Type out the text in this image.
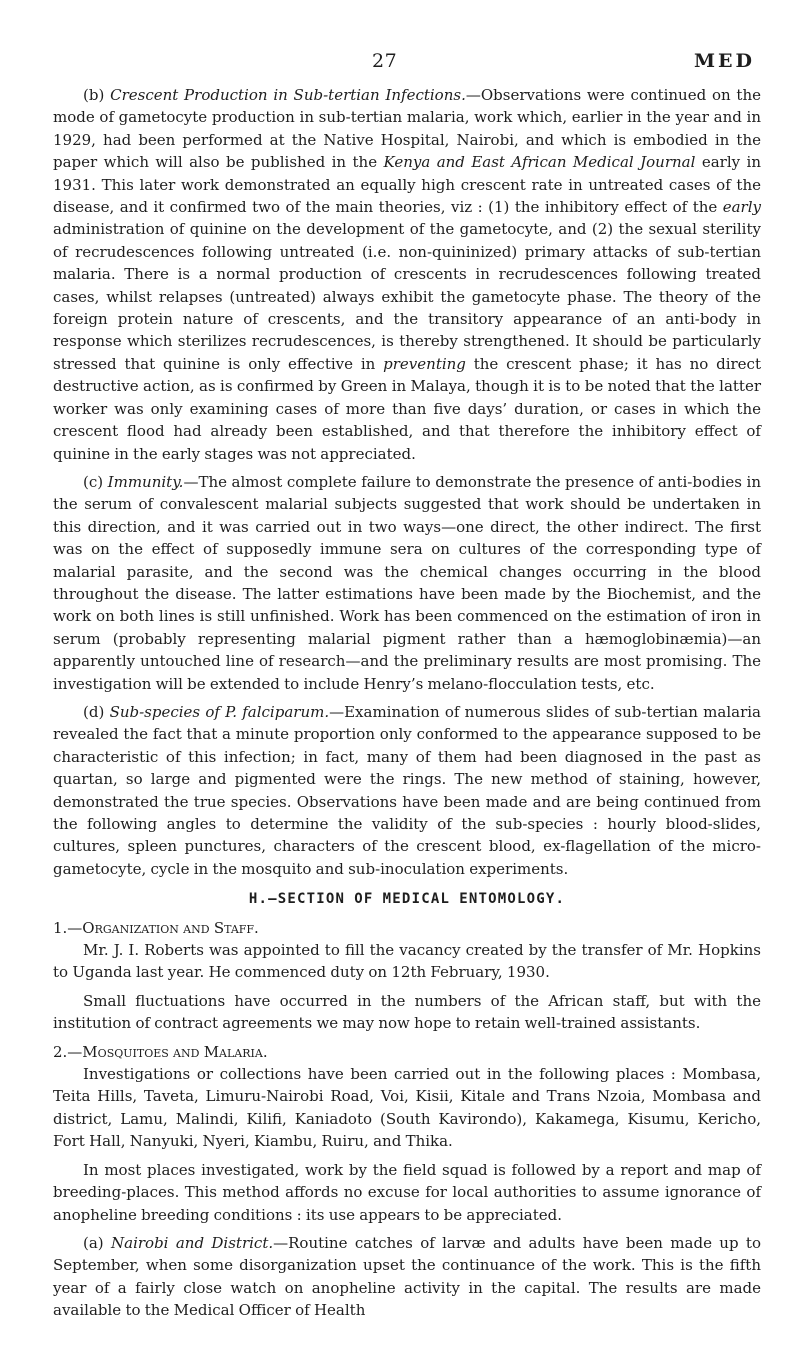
27	MED

(b) Crescent Production in Sub-tertian Infections.—Observations were continued on the mode of gametocyte production in sub-tertian malaria, work which, earlier in the year and in 1929, had been performed at the Native Hospital, Nairobi, and which is embodied in the paper which will also be published in the Kenya and East African Medical Journal early in 1931. This later work demonstrated an equally high crescent rate in untreated cases of the disease, and it confirmed two of the main theories, viz : (1) the inhibitory effect of the early administration of quinine on the development of the gametocyte, and (2) the sexual sterility of recrudescences following untreated (i.e. non-quininized) primary attacks of sub-tertian malaria. There is a normal production of crescents in recrudescences following treated cases, whilst relapses (untreated) always exhibit the gametocyte phase. The theory of the foreign protein nature of crescents, and the transitory appearance of an anti-body in response which sterilizes recrudescences, is thereby strengthened. It should be particularly stressed that quinine is only effective in preventing the crescent phase; it has no direct destructive action, as is confirmed by Green in Malaya, though it is to be noted that the latter worker was only examining cases of more than five days’ duration, or cases in which the crescent flood had already been established, and that therefore the inhibitory effect of quinine in the early stages was not appreciated.

(c) Immunity.—The almost complete failure to demonstrate the presence of anti-bodies in the serum of convalescent malarial subjects suggested that work should be undertaken in this direction, and it was carried out in two ways—one direct, the other indirect. The first was on the effect of supposedly immune sera on cultures of the corresponding type of malarial parasite, and the second was the chemical changes occurring in the blood throughout the disease. The latter estimations have been made by the Biochemist, and the work on both lines is still unfinished. Work has been commenced on the estimation of iron in serum (probably representing malarial pigment rather than a hæmoglobinæmia)—an apparently untouched line of research—and the preliminary results are most promising. The investigation will be extended to include Henry’s melano-flocculation tests, etc.

(d) Sub-species of P. falciparum.—Examination of numerous slides of sub-tertian malaria revealed the fact that a minute proportion only conformed to the appearance supposed to be characteristic of this infection; in fact, many of them had been diagnosed in the past as quartan, so large and pigmented were the rings. The new method of staining, however, demonstrated the true species. Observations have been made and are being continued from the following angles to determine the validity of the sub-species : hourly blood-slides, cultures, spleen punctures, characters of the crescent blood, ex-flagellation of the micro-gametocyte, cycle in the mosquito and sub-inoculation experiments.

H.—SECTION OF MEDICAL ENTOMOLOGY.

1.—Organization and Staff.

Mr. J. I. Roberts was appointed to fill the vacancy created by the transfer of Mr. Hopkins to Uganda last year. He commenced duty on 12th February, 1930.

Small fluctuations have occurred in the numbers of the African staff, but with the institution of contract agreements we may now hope to retain well-trained assistants.

2.—Mosquitoes and Malaria.

Investigations or collections have been carried out in the following places : Mombasa, Teita Hills, Taveta, Limuru-Nairobi Road, Voi, Kisii, Kitale and Trans Nzoia, Mombasa and district, Lamu, Malindi, Kilifi, Kaniadoto (South Kavirondo), Kakamega, Kisumu, Kericho, Fort Hall, Nanyuki, Nyeri, Kiambu, Ruiru, and Thika.

In most places investigated, work by the field squad is followed by a report and map of breeding-places. This method affords no excuse for local authorities to assume ignorance of anopheline breeding conditions : its use appears to be appreciated.

(a) Nairobi and District.—Routine catches of larvæ and adults have been made up to September, when some disorganization upset the continuance of the work. This is the fifth year of a fairly close watch on anopheline activity in the capital. The results are made available to the Medical Officer of Health
